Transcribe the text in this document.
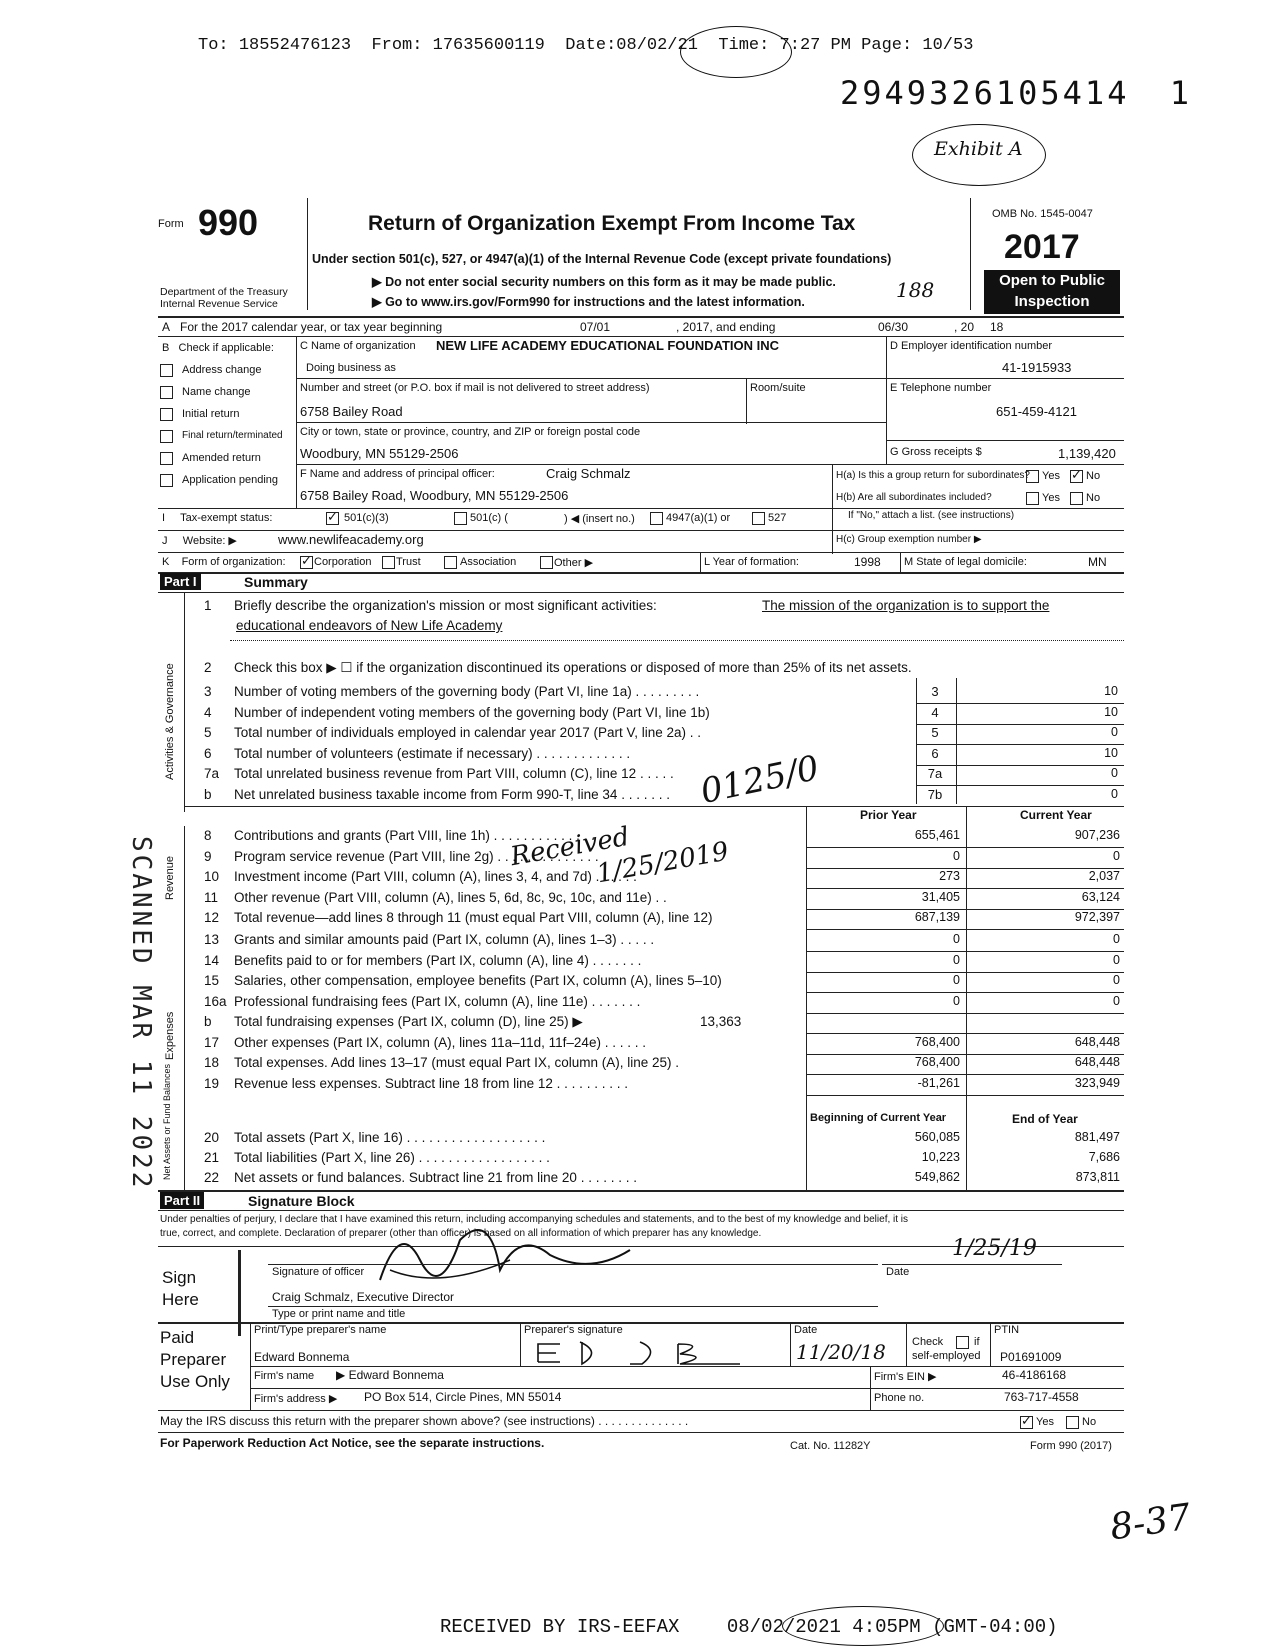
To: 18552476123 From: 17635600119 Date:08/02/21 Time: 7:27 PM Page: 10/53
2949326105414 1
Exhibit A
Form 990
Department of the Treasury
Internal Revenue Service
Return of Organization Exempt From Income Tax
Under section 501(c), 527, or 4947(a)(1) of the Internal Revenue Code (except private foundations)
▶ Do not enter social security numbers on this form as it may be made public.
▶ Go to www.irs.gov/Form990 for instructions and the latest information.
OMB No. 1545-0047
2017
Open to Public
Inspection
188
A For the 2017 calendar year, or tax year beginning	07/01	, 2017, and ending	06/30	, 20 18
B Check if applicable:
Address change
Name change
Initial return
Final return/terminated
Amended return
Application pending
C Name of organization NEW LIFE ACADEMY EDUCATIONAL FOUNDATION INC
Doing business as
Number and street (or P.O. box if mail is not delivered to street address)	Room/suite
6758 Bailey Road
City or town, state or province, country, and ZIP or foreign postal code
Woodbury, MN 55129-2506
D Employer identification number
41-1915933
E Telephone number
651-459-4121
G Gross receipts $	1,139,420
F Name and address of principal officer:	Craig Schmalz
6758 Bailey Road, Woodbury, MN 55129-2506
H(a) Is this a group return for subordinates? Yes ✓ No
H(b) Are all subordinates included?	Yes No
If "No," attach a list. (see instructions)
I Tax-exempt status: ✓	501(c)(3)	501(c) (	) ◀ (insert no.)	4947(a)(1) or	527
J Website: ▶	www.newlifeacademy.org	H(c) Group exemption number ▶
K Form of organization: ✓	Corporation Trust	Association	Other ▶	L Year of formation:	1998 M State of legal domicile:	MN
Part I	Summary
1 Briefly describe the organization's mission or most significant activities:	The mission of the organization is to support the
educational endeavors of New Life Academy
2 Check this box ▶ ☐ if the organization discontinued its operations or disposed of more than 25% of its net assets.
Activities & Governance 3 Number of voting members of the governing body (Part VI, line 1a) . . . . . . . . .	3	10
4 Number of independent voting members of the governing body (Part VI, line 1b)	4	10
5 Total number of individuals employed in calendar year 2017 (Part V, line 2a) . .	5	0
6 Total number of volunteers (estimate if necessary) . . . . . . . . . . . . .	6	10
7a Total unrelated business revenue from Part VIII, column (C), line 12 . . . . .	7a	0
b Net unrelated business taxable income from Form 990-T, line 34 . . . . . . .	7b	0
Prior Year	Current Year
Revenue
Expenses
Net Assets or Fund Balances
8 Contributions and grants (Part VIII, line 1h) . . . . . . . . . . . . . .	655,461	907,236
9 Program service revenue (Part VIII, line 2g) . . . . . . . . . . . . . .	0	0
10 Investment income (Part VIII, column (A), lines 3, 4, and 7d) . . . . . .	273	2,037
11 Other revenue (Part VIII, column (A), lines 5, 6d, 8c, 9c, 10c, and 11e) . .	31,405	63,124
12 Total revenue—add lines 8 through 11 (must equal Part VIII, column (A), line 12)	687,139	972,397
13 Grants and similar amounts paid (Part IX, column (A), lines 1–3) . . . . .	0	0
14 Benefits paid to or for members (Part IX, column (A), line 4) . . . . . . .	0	0
15 Salaries, other compensation, employee benefits (Part IX, column (A), lines 5–10)	0	0
16a Professional fundraising fees (Part IX, column (A), line 11e) . . . . . . .	0	0
b Total fundraising expenses (Part IX, column (D), line 25) ▶	13,363
17 Other expenses (Part IX, column (A), lines 11a–11d, 11f–24e) . . . . . .	768,400	648,448
18 Total expenses. Add lines 13–17 (must equal Part IX, column (A), line 25) .	768,400	648,448
19 Revenue less expenses. Subtract line 18 from line 12 . . . . . . . . . .	-81,261	323,949
Beginning of Current Year	End of Year
20 Total assets (Part X, line 16) . . . . . . . . . . . . . . . . . . .	560,085	881,497
21 Total liabilities (Part X, line 26) . . . . . . . . . . . . . . . . . .	10,223	7,686
22 Net assets or fund balances. Subtract line 21 from line 20 . . . . . . . .	549,862	873,811
Part II	Signature Block
Under penalties of perjury, I declare that I have examined this return, including accompanying schedules and statements, and to the best of my knowledge and belief, it is
true, correct, and complete. Declaration of preparer (other than officer) is based on all information of which preparer has any knowledge.
Sign
Here
Signature of officer	Date
1/25/19
Craig Schmalz, Executive Director
Type or print name and title
Paid
Preparer
Use Only
Print/Type preparer's name
Edward Bonnema
Preparer's signature	Date
11/20/18 Check	if
self-employed
PTIN
P01691009
Firm's name ▶ Edward Bonnema	Firm's EIN ▶	46-4186168
Firm's address ▶ PO Box 514, Circle Pines, MN 55014	Phone no.	763-717-4558
May the IRS discuss this return with the preparer shown above? (see instructions) . . . . . . . . . . . . . . ✓	Yes	No
For Paperwork Reduction Act Notice, see the separate instructions.	Cat. No. 11282Y	Form 990 (2017)
0125/0
Received
1/25/2019
8-37
SCANNED MAR 11 2022
RECEIVED BY IRS-EEFAX 08/02/2021 4:05PM (GMT-04:00)
